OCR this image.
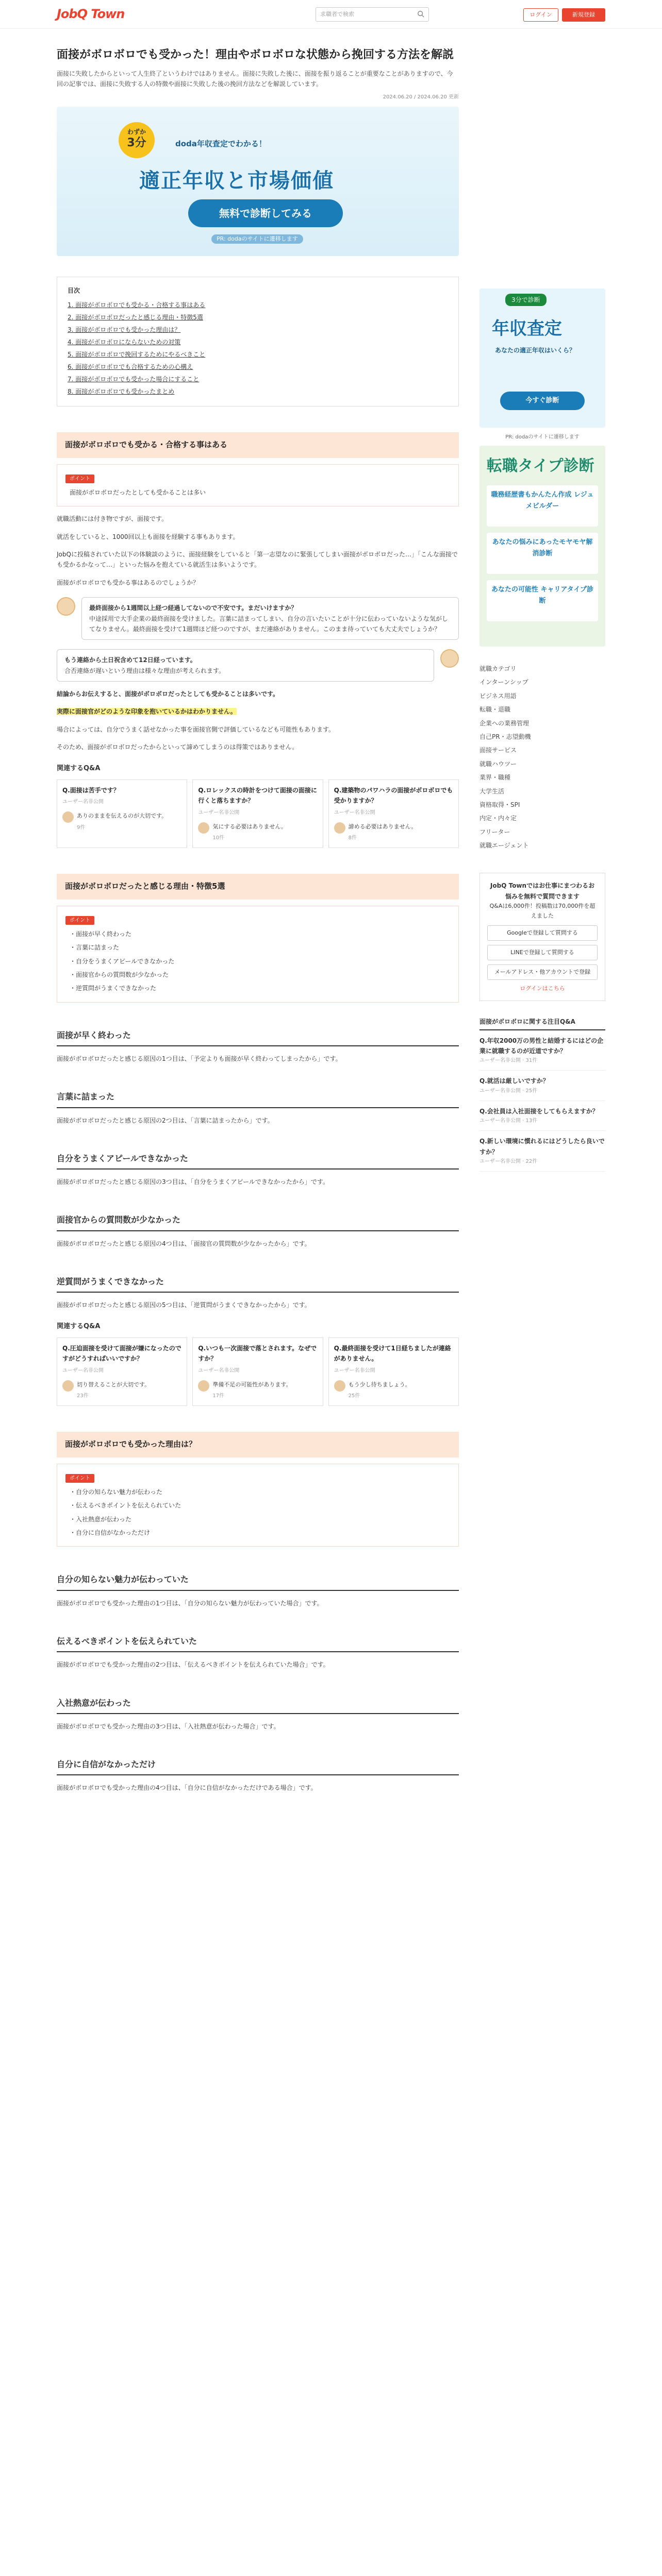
JobQ Town	求職者で検索	ログイン	新規登録
面接がボロボロでも受かった！理由やボロボロな状態から挽回する方法を解説

面接に失敗したからといって人生終了というわけではありません。面接に失敗した後に、面接を振り返ることが重要なことがありますので、今回の記事では、面接に失敗する人の特徴や面接に失敗した後の挽回方法などを解説しています。

2024.06.20 / 2024.06.20 更新
わずか
3分	doda年収査定でわかる！
適正年収と市場価値
無料で診断してみる
PR: dodaのサイトに遷移します
目次
1. 面接がボロボロでも受かる・合格する事はある
2. 面接がボロボロだったと感じる理由・特徴5選
3. 面接がボロボロでも受かった理由は？
4. 面接がボロボロにならないための対策
5. 面接がボロボロで挽回するためにやるべきこと
6. 面接がボロボロでも合格するための心構え
7. 面接がボロボロでも受かった場合にすること
8. 面接がボロボロでも受かったまとめ
面接がボロボロでも受かる・合格する事はある
ポイント
面接がボロボロだったとしても受かることは多い

就職活動には付き物ですが、面接です。

就活をしていると、1000回以上も面接を経験する事もあります。

JobQに投稿されていた以下の体験談のように、面接経験をしていると「第一志望なのに緊張してしまい面接がボロボロだった…」「こんな面接でも受かるかなって…」といった悩みを抱えている就活生は多いようです。

面接がボロボロでも受かる事はあるのでしょうか？

最終面接から1週間以上経つ経過してないので不安です。まだいけますか？
中途採用で大手企業の最終面接を受けました。言葉に詰まってしまい、自分の言いたいことが十分に伝わっていないような気がしてなりません。最終面接を受けて1週間ほど経つのですが、まだ連絡がありません。このまま待っていても大丈夫でしょうか？
もう連絡から土日祝含めて12日経っています。
合否連絡が遅いという理由は様々な理由が考えられます。

結論からお伝えすると、面接がボロボロだったとしても受かることは多いです。

実際に面接官がどのような印象を抱いているかはわかりません。

場合によっては、自分でうまく話せなかった事を面接官側で評価しているなども可能性もあります。

そのため、面接がボロボロだったからといって諦めてしまうのは得策ではありません。

関連するQ&A
Q.面接は苦手です？
ユーザー名非公開
ありのままを伝えるのが大切です。
9件
Q.ロレックスの時計をつけて面接の面接に行くと落ちますか？
ユーザー名非公開
気にする必要はありません。
10件
Q.建築物のパワハラの面接がボロボロでも受かりますか？
ユーザー名非公開
諦める必要はありません。
8件
面接がボロボロだったと感じる理由・特徴5選
ポイント
・面接が早く終わった
・言葉に詰まった
・自分をうまくアピールできなかった
・面接官からの質問数が少なかった
・逆質問がうまくできなかった
面接が早く終わった

面接がボロボロだったと感じる原因の1つ目は、「予定よりも面接が早く終わってしまったから」です。

言葉に詰まった

面接がボロボロだったと感じる原因の2つ目は、「言葉に詰まったから」です。

自分をうまくアピールできなかった

面接がボロボロだったと感じる原因の3つ目は、「自分をうまくアピールできなかったから」です。

面接官からの質問数が少なかった

面接がボロボロだったと感じる原因の4つ目は、「面接官の質問数が少なかったから」です。

逆質問がうまくできなかった

面接がボロボロだったと感じる原因の5つ目は、「逆質問がうまくできなかったから」です。

関連するQ&A
Q.圧迫面接を受けて面接が嫌になったのですがどうすればいいですか？
ユーザー名非公開
切り替えることが大切です。
23件
Q.いつも一次面接で落とされます。なぜですか？
ユーザー名非公開
準備不足の可能性があります。
17件
Q.最終面接を受けて1日経ちましたが連絡がありません。
ユーザー名非公開
もう少し待ちましょう。
25件
面接がボロボロでも受かった理由は？
ポイント
・自分の知らない魅力が伝わった
・伝えるべきポイントを伝えられていた
・入社熱意が伝わった
・自分に自信がなかっただけ
自分の知らない魅力が伝わっていた

面接がボロボロでも受かった理由の1つ目は、「自分の知らない魅力が伝わっていた場合」です。

伝えるべきポイントを伝えられていた

面接がボロボロでも受かった理由の2つ目は、「伝えるべきポイントを伝えられていた場合」です。

入社熱意が伝わった

面接がボロボロでも受かった理由の3つ目は、「入社熱意が伝わった場合」です。

自分に自信がなかっただけ

面接がボロボロでも受かった理由の4つ目は、「自分に自信がなかっただけである場合」です。

3分で診断
年収査定
あなたの適正年収はいくら？
今すぐ診断
PR: dodaのサイトに遷移します
転職タイプ診断
職務経歴書もかんたん作成 レジュメビルダー
あなたの悩みにあったモヤモヤ解消診断
あなたの可能性 キャリアタイプ診断
就職カテゴリ
インターンシップ
ビジネス用語
転職・退職
企業への業務管理
自己PR・志望動機
面接サービス
就職ハウツー
業界・職種
大学生活
資格取得・SPI
内定・内々定
フリーター
就職エージェント
JobQ Townではお仕事にまつわるお悩みを無料で質問できます
Q&Aは6,000件！投稿数は70,000件を超えました
Googleで登録して質問する
LINEで登録して質問する
メールアドレス・他アカウントで登録
ログインはこちら
面接がボロボロに関する注目Q&A
Q.年収2000万の男性と結婚するにはどの企業に就職するのが近道ですか？
ユーザー名非公開 · 31件
Q.就活は厳しいですか？
ユーザー名非公開 · 25件
Q.会社員は入社面接をしてもらえますか？
ユーザー名非公開 · 13件
Q.新しい環境に慣れるにはどうしたら良いですか？
ユーザー名非公開 · 22件
